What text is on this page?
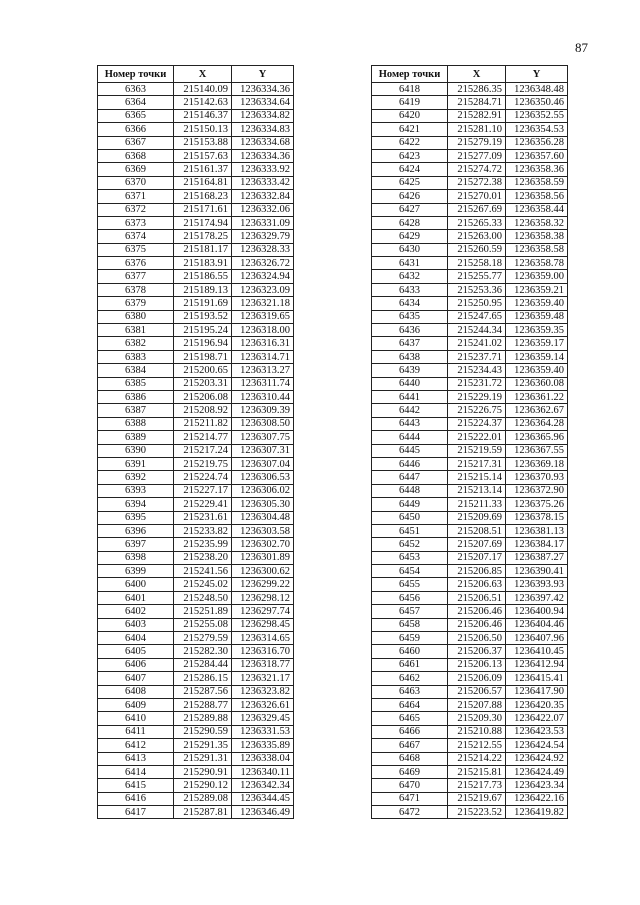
87
Номер точки	X	Y
6363	215140.09	1236334.36
6364	215142.63	1236334.64
6365	215146.37	1236334.82
6366	215150.13	1236334.83
6367	215153.88	1236334.68
6368	215157.63	1236334.36
6369	215161.37	1236333.92
6370	215164.81	1236333.42
6371	215168.23	1236332.84
6372	215171.61	1236332.06
6373	215174.94	1236331.09
6374	215178.25	1236329.79
6375	215181.17	1236328.33
6376	215183.91	1236326.72
6377	215186.55	1236324.94
6378	215189.13	1236323.09
6379	215191.69	1236321.18
6380	215193.52	1236319.65
6381	215195.24	1236318.00
6382	215196.94	1236316.31
6383	215198.71	1236314.71
6384	215200.65	1236313.27
6385	215203.31	1236311.74
6386	215206.08	1236310.44
6387	215208.92	1236309.39
6388	215211.82	1236308.50
6389	215214.77	1236307.75
6390	215217.24	1236307.31
6391	215219.75	1236307.04
6392	215224.74	1236306.53
6393	215227.17	1236306.02
6394	215229.41	1236305.30
6395	215231.61	1236304.48
6396	215233.82	1236303.58
6397	215235.99	1236302.70
6398	215238.20	1236301.89
6399	215241.56	1236300.62
6400	215245.02	1236299.22
6401	215248.50	1236298.12
6402	215251.89	1236297.74
6403	215255.08	1236298.45
6404	215279.59	1236314.65
6405	215282.30	1236316.70
6406	215284.44	1236318.77
6407	215286.15	1236321.17
6408	215287.56	1236323.82
6409	215288.77	1236326.61
6410	215289.88	1236329.45
6411	215290.59	1236331.53
6412	215291.35	1236335.89
6413	215291.31	1236338.04
6414	215290.91	1236340.11
6415	215290.12	1236342.34
6416	215289.08	1236344.45
6417	215287.81	1236346.49
Номер точки	X	Y
6418	215286.35	1236348.48
6419	215284.71	1236350.46
6420	215282.91	1236352.55
6421	215281.10	1236354.53
6422	215279.19	1236356.28
6423	215277.09	1236357.60
6424	215274.72	1236358.36
6425	215272.38	1236358.59
6426	215270.01	1236358.56
6427	215267.69	1236358.44
6428	215265.33	1236358.32
6429	215263.00	1236358.38
6430	215260.59	1236358.58
6431	215258.18	1236358.78
6432	215255.77	1236359.00
6433	215253.36	1236359.21
6434	215250.95	1236359.40
6435	215247.65	1236359.48
6436	215244.34	1236359.35
6437	215241.02	1236359.17
6438	215237.71	1236359.14
6439	215234.43	1236359.40
6440	215231.72	1236360.08
6441	215229.19	1236361.22
6442	215226.75	1236362.67
6443	215224.37	1236364.28
6444	215222.01	1236365.96
6445	215219.59	1236367.55
6446	215217.31	1236369.18
6447	215215.14	1236370.93
6448	215213.14	1236372.90
6449	215211.33	1236375.26
6450	215209.69	1236378.15
6451	215208.51	1236381.13
6452	215207.69	1236384.17
6453	215207.17	1236387.27
6454	215206.85	1236390.41
6455	215206.63	1236393.93
6456	215206.51	1236397.42
6457	215206.46	1236400.94
6458	215206.46	1236404.46
6459	215206.50	1236407.96
6460	215206.37	1236410.45
6461	215206.13	1236412.94
6462	215206.09	1236415.41
6463	215206.57	1236417.90
6464	215207.88	1236420.35
6465	215209.30	1236422.07
6466	215210.88	1236423.53
6467	215212.55	1236424.54
6468	215214.22	1236424.92
6469	215215.81	1236424.49
6470	215217.73	1236423.34
6471	215219.67	1236422.16
6472	215223.52	1236419.82
